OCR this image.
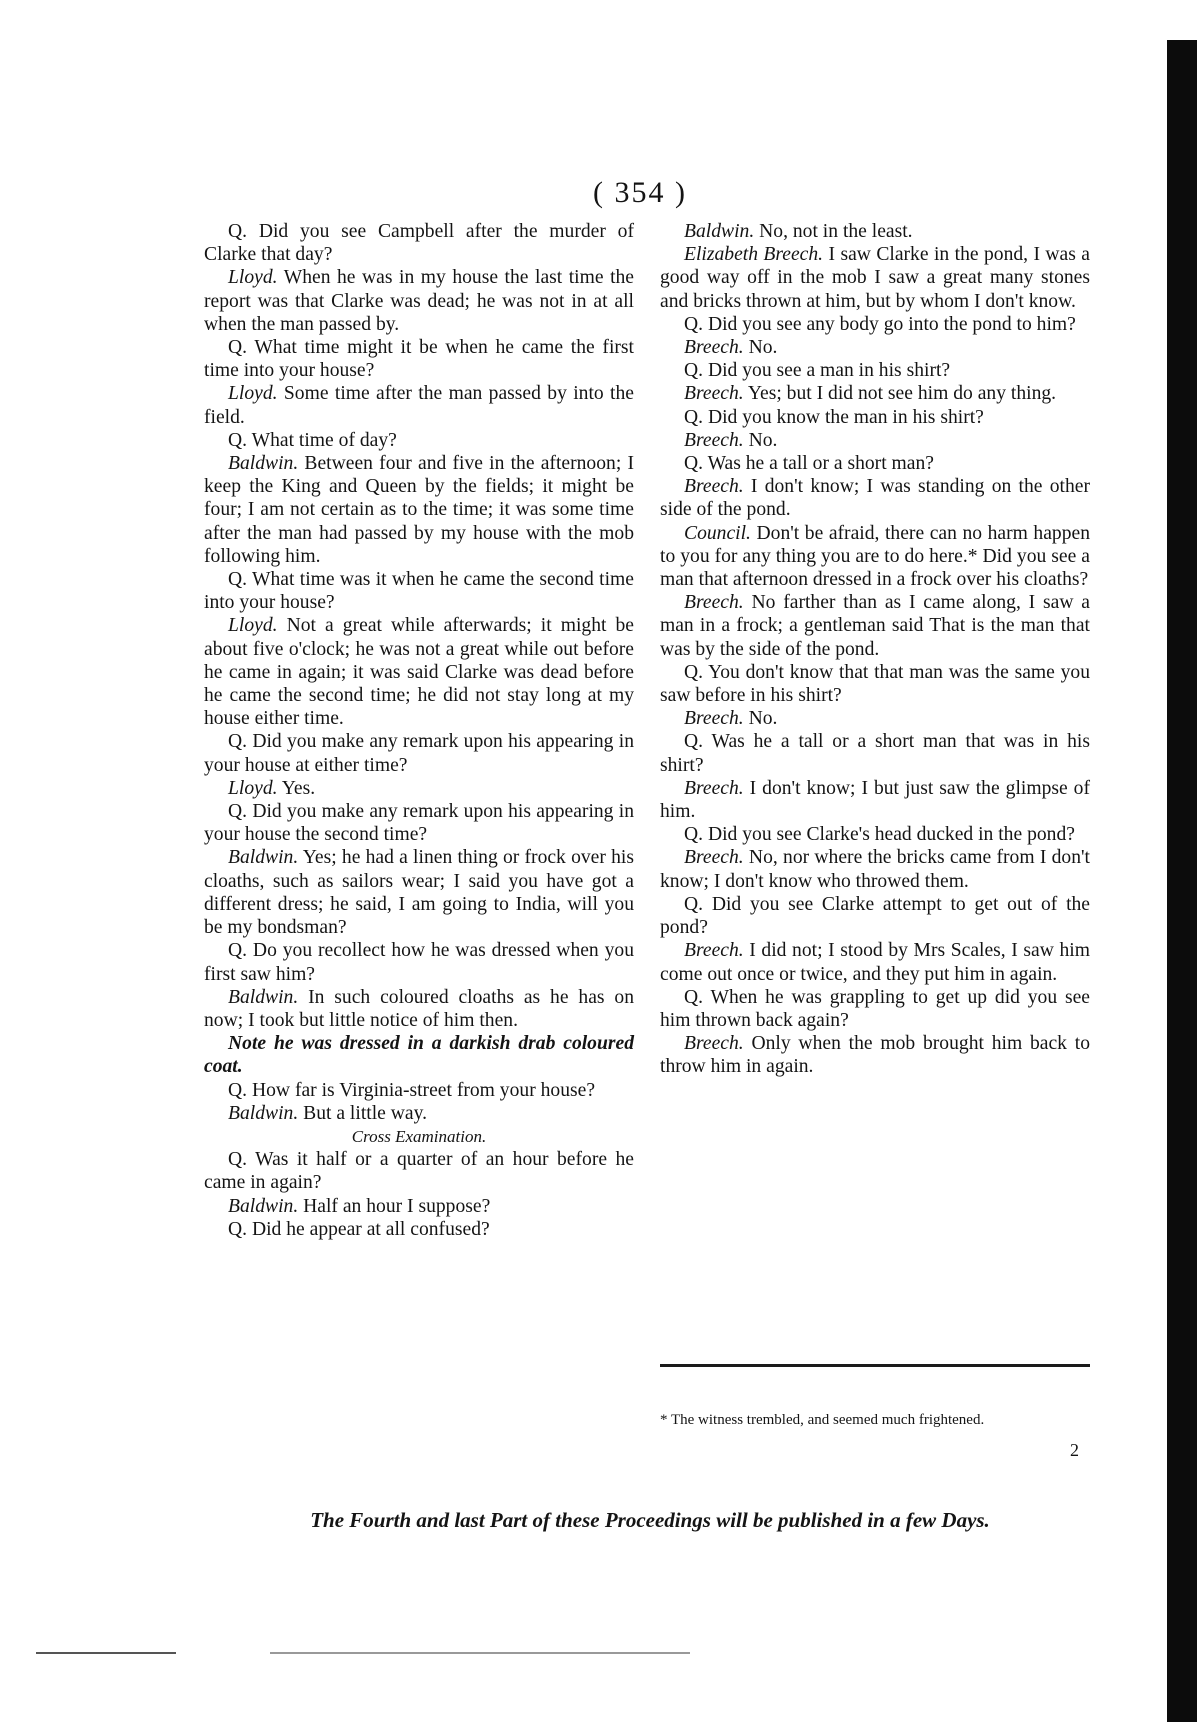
( 354 )

Q. Did you see Campbell after the murder of Clarke that day?

Lloyd. When he was in my house the last time the report was that Clarke was dead; he was not in at all when the man passed by.

Q. What time might it be when he came the first time into your house?

Lloyd. Some time after the man passed by into the field.

Q. What time of day?

Baldwin. Between four and five in the afternoon; I keep the King and Queen by the fields; it might be four; I am not certain as to the time; it was some time after the man had passed by my house with the mob following him.

Q. What time was it when he came the second time into your house?

Lloyd. Not a great while afterwards; it might be about five o'clock; he was not a great while out before he came in again; it was said Clarke was dead before he came the second time; he did not stay long at my house either time.

Q. Did you make any remark upon his appearing in your house at either time?

Lloyd. Yes.

Q. Did you make any remark upon his appearing in your house the second time?

Baldwin. Yes; he had a linen thing or frock over his cloaths, such as sailors wear; I said you have got a different dress; he said, I am going to India, will you be my bondsman?

Q. Do you recollect how he was dressed when you first saw him?

Baldwin. In such coloured cloaths as he has on now; I took but little notice of him then.

Note he was dressed in a darkish drab coloured coat.

Q. How far is Virginia-street from your house?

Baldwin. But a little way.

Cross Examination.

Q. Was it half or a quarter of an hour before he came in again?

Baldwin. Half an hour I suppose?

Q. Did he appear at all confused?

Baldwin. No, not in the least.

Elizabeth Breech. I saw Clarke in the pond, I was a good way off in the mob I saw a great many stones and bricks thrown at him, but by whom I don't know.

Q. Did you see any body go into the pond to him?

Breech. No.

Q. Did you see a man in his shirt?

Breech. Yes; but I did not see him do any thing.

Q. Did you know the man in his shirt?

Breech. No.

Q. Was he a tall or a short man?

Breech. I don't know; I was standing on the other side of the pond.

Council. Don't be afraid, there can no harm happen to you for any thing you are to do here.* Did you see a man that afternoon dressed in a frock over his cloaths?

Breech. No farther than as I came along, I saw a man in a frock; a gentleman said That is the man that was by the side of the pond.

Q. You don't know that that man was the same you saw before in his shirt?

Breech. No.

Q. Was he a tall or a short man that was in his shirt?

Breech. I don't know; I but just saw the glimpse of him.

Q. Did you see Clarke's head ducked in the pond?

Breech. No, nor where the bricks came from I don't know; I don't know who throwed them.

Q. Did you see Clarke attempt to get out of the pond?

Breech. I did not; I stood by Mrs Scales, I saw him come out once or twice, and they put him in again.

Q. When he was grappling to get up did you see him thrown back again?

Breech. Only when the mob brought him back to throw him in again.

* The witness trembled, and seemed much frightened.
2
The Fourth and last Part of these Proceedings will be published in a few Days.
